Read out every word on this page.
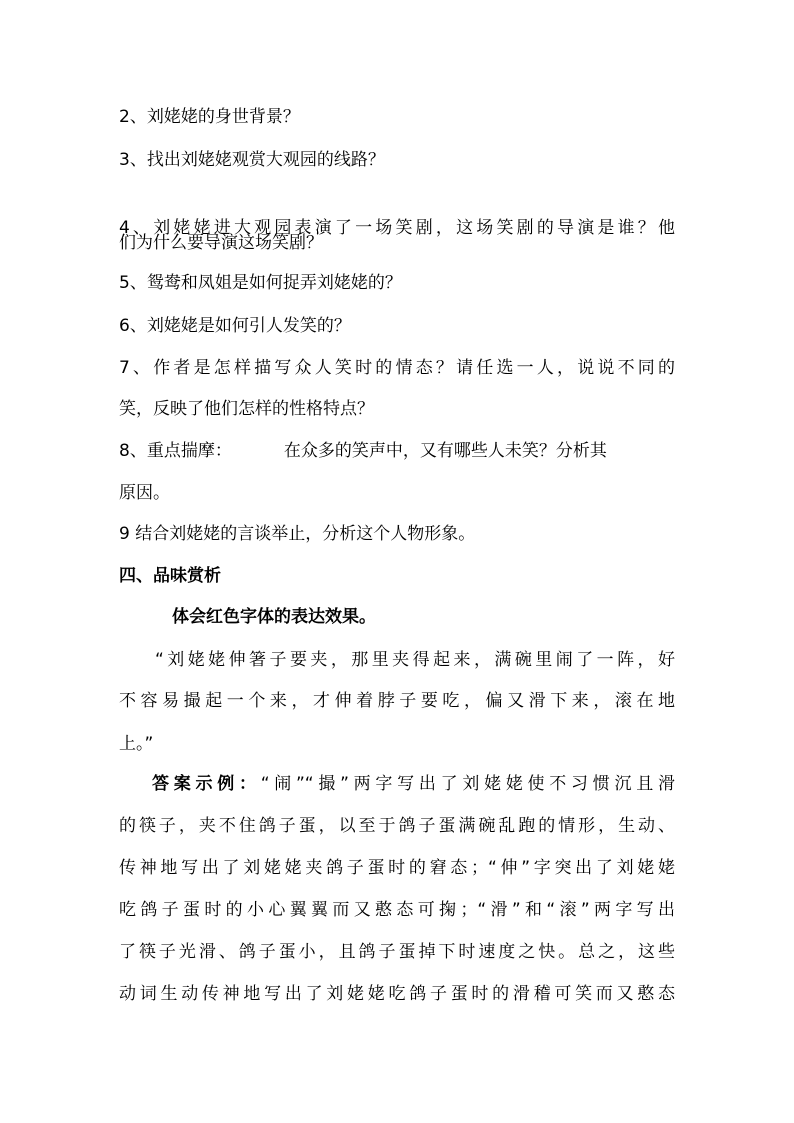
2、刘姥姥的身世背景？
3、找出刘姥姥观赏大观园的线路？
4、刘姥姥进大观园表演了一场笑剧，这场笑剧的导演是谁？他
们为什么要导演这场笑剧？
5、鸳鸯和凤姐是如何捉弄刘姥姥的？
6、刘姥姥是如何引人发笑的？
7、作者是怎样描写众人笑时的情态？请任选一人，说说不同的
笑，反映了他们怎样的性格特点？
8、重点揣摩：	在众多的笑声中，又有哪些人未笑？分析其
原因。
9 结合刘姥姥的言谈举止，分析这个人物形象。
四、品味赏析
体会红色字体的表达效果。
“刘姥姥伸箸子要夹，那里夹得起来，满碗里闹了一阵，好
不容易撮起一个来，才伸着脖子要吃，偏又滑下来，滚在地
上。”
答案示例：“闹”“撮”两字写出了刘姥姥使不习惯沉且滑
的筷子，夹不住鸽子蛋，以至于鸽子蛋满碗乱跑的情形，生动、
传神地写出了刘姥姥夹鸽子蛋时的窘态；“伸”字突出了刘姥姥
吃鸽子蛋时的小心翼翼而又憨态可掬；“滑”和“滚”两字写出
了筷子光滑、鸽子蛋小，且鸽子蛋掉下时速度之快。总之，这些
动词生动传神地写出了刘姥姥吃鸽子蛋时的滑稽可笑而又憨态
